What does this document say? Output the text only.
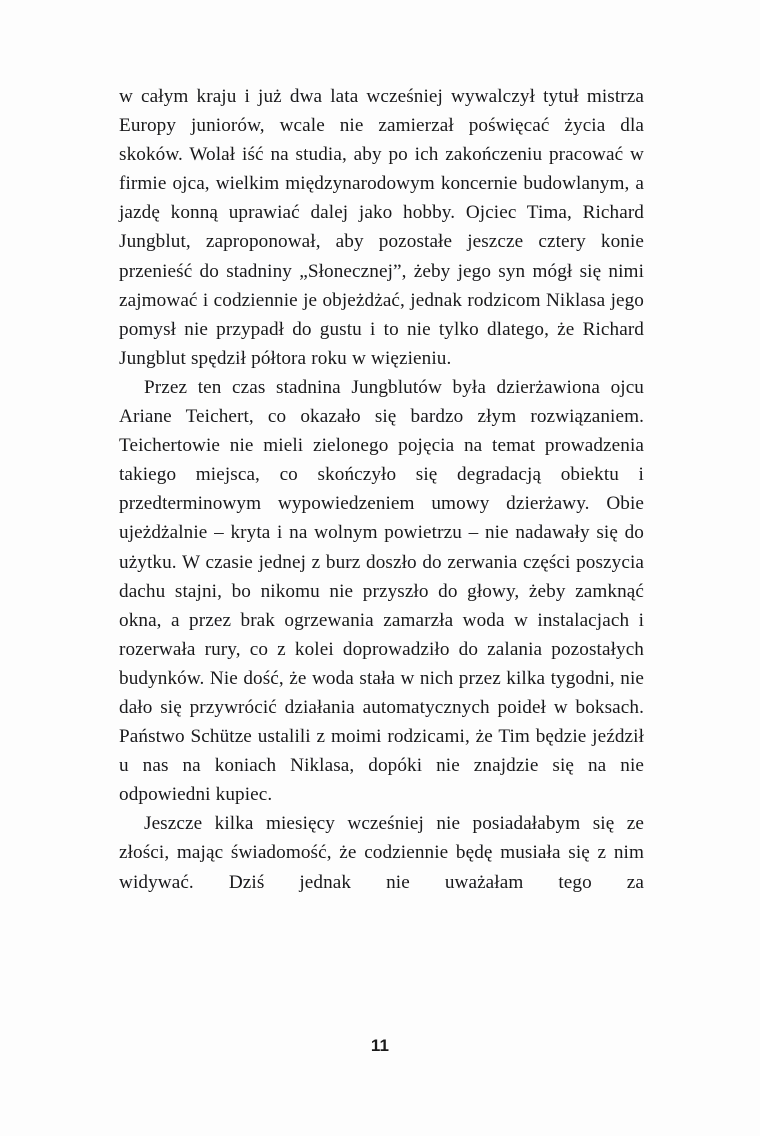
w całym kraju i już dwa lata wcześniej wywalczył tytuł mistrza Europy juniorów, wcale nie zamierzał poświęcać życia dla skoków. Wolał iść na studia, aby po ich zakończeniu pracować w firmie ojca, wielkim międzynarodowym koncernie budowlanym, a jazdę konną uprawiać dalej jako hobby. Ojciec Tima, Richard Jungblut, zaproponował, aby pozostałe jeszcze cztery konie przenieść do stadniny „Słonecznej”, żeby jego syn mógł się nimi zajmować i codziennie je objeżdżać, jednak rodzicom Niklasa jego pomysł nie przypadł do gustu i to nie tylko dlatego, że Richard Jungblut spędził półtora roku w więzieniu.

Przez ten czas stadnina Jungblutów była dzierżawiona ojcu Ariane Teichert, co okazało się bardzo złym rozwiązaniem. Teichertowie nie mieli zielonego pojęcia na temat prowadzenia takiego miejsca, co skończyło się degradacją obiektu i przedterminowym wypowiedzeniem umowy dzierżawy. Obie ujeżdżalnie – kryta i na wolnym powietrzu – nie nadawały się do użytku. W czasie jednej z burz doszło do zerwania części poszycia dachu stajni, bo nikomu nie przyszło do głowy, żeby zamknąć okna, a przez brak ogrzewania zamarzła woda w instalacjach i rozerwała rury, co z kolei doprowadziło do zalania pozostałych budynków. Nie dość, że woda stała w nich przez kilka tygodni, nie dało się przywrócić działania automatycznych poideł w boksach. Państwo Schütze ustalili z moimi rodzicami, że Tim będzie jeździł u nas na koniach Niklasa, dopóki nie znajdzie się na nie odpowiedni kupiec.

Jeszcze kilka miesięcy wcześniej nie posiadałabym się ze złości, mając świadomość, że codziennie będę musiała się z nim widywać. Dziś jednak nie uważałam tego za

11
